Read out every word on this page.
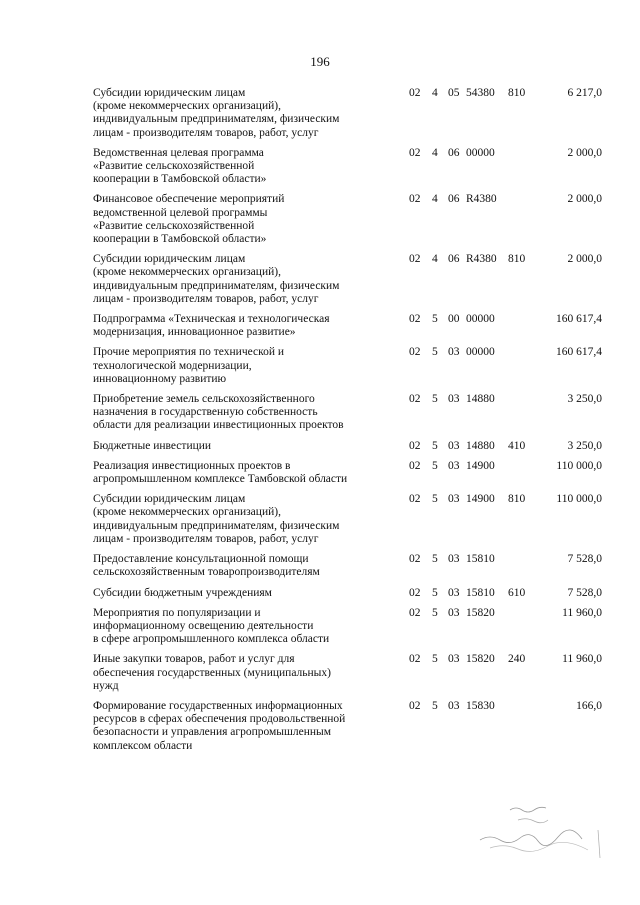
196
Субсидии юридическим лицам
(кроме некоммерческих организаций),
индивидуальным предпринимателям, физическим
лицам - производителям товаров, работ, услуг
02 4 05 54380 810	6 217,0
Ведомственная целевая программа
«Развитие сельскохозяйственной
кооперации в Тамбовской области»
02 4 06 00000	2 000,0
Финансовое обеспечение мероприятий
ведомственной целевой программы
«Развитие сельскохозяйственной
кооперации в Тамбовской области»
02 4 06 R4380	2 000,0
Субсидии юридическим лицам
(кроме некоммерческих организаций),
индивидуальным предпринимателям, физическим
лицам - производителям товаров, работ, услуг
02 4 06 R4380 810	2 000,0
Подпрограмма «Техническая и технологическая
модернизация, инновационное развитие»
02 5 00 00000	160 617,4
Прочие мероприятия по технической и
технологической модернизации,
инновационному развитию
02 5 03 00000	160 617,4
Приобретение земель сельскохозяйственного
назначения в государственную собственность
области для реализации инвестиционных проектов
02 5 03 14880	3 250,0
Бюджетные инвестиции	02 5 03 14880 410	3 250,0
Реализация инвестиционных проектов в
агропромышленном комплексе Тамбовской области
02 5 03 14900	110 000,0
Субсидии юридическим лицам
(кроме некоммерческих организаций),
индивидуальным предпринимателям, физическим
лицам - производителям товаров, работ, услуг
02 5 03 14900 810	110 000,0
Предоставление консультационной помощи
сельскохозяйственным товаропроизводителям
02 5 03 15810	7 528,0
Субсидии бюджетным учреждениям	02 5 03 15810 610	7 528,0
Мероприятия по популяризации и
информационному освещению деятельности
в сфере агропромышленного комплекса области
02 5 03 15820	11 960,0
Иные закупки товаров, работ и услуг для
обеспечения государственных (муниципальных)
нужд
02 5 03 15820 240	11 960,0
Формирование государственных информационных
ресурсов в сферах обеспечения продовольственной
безопасности и управления агропромышленным
комплексом области
02 5 03 15830	166,0
